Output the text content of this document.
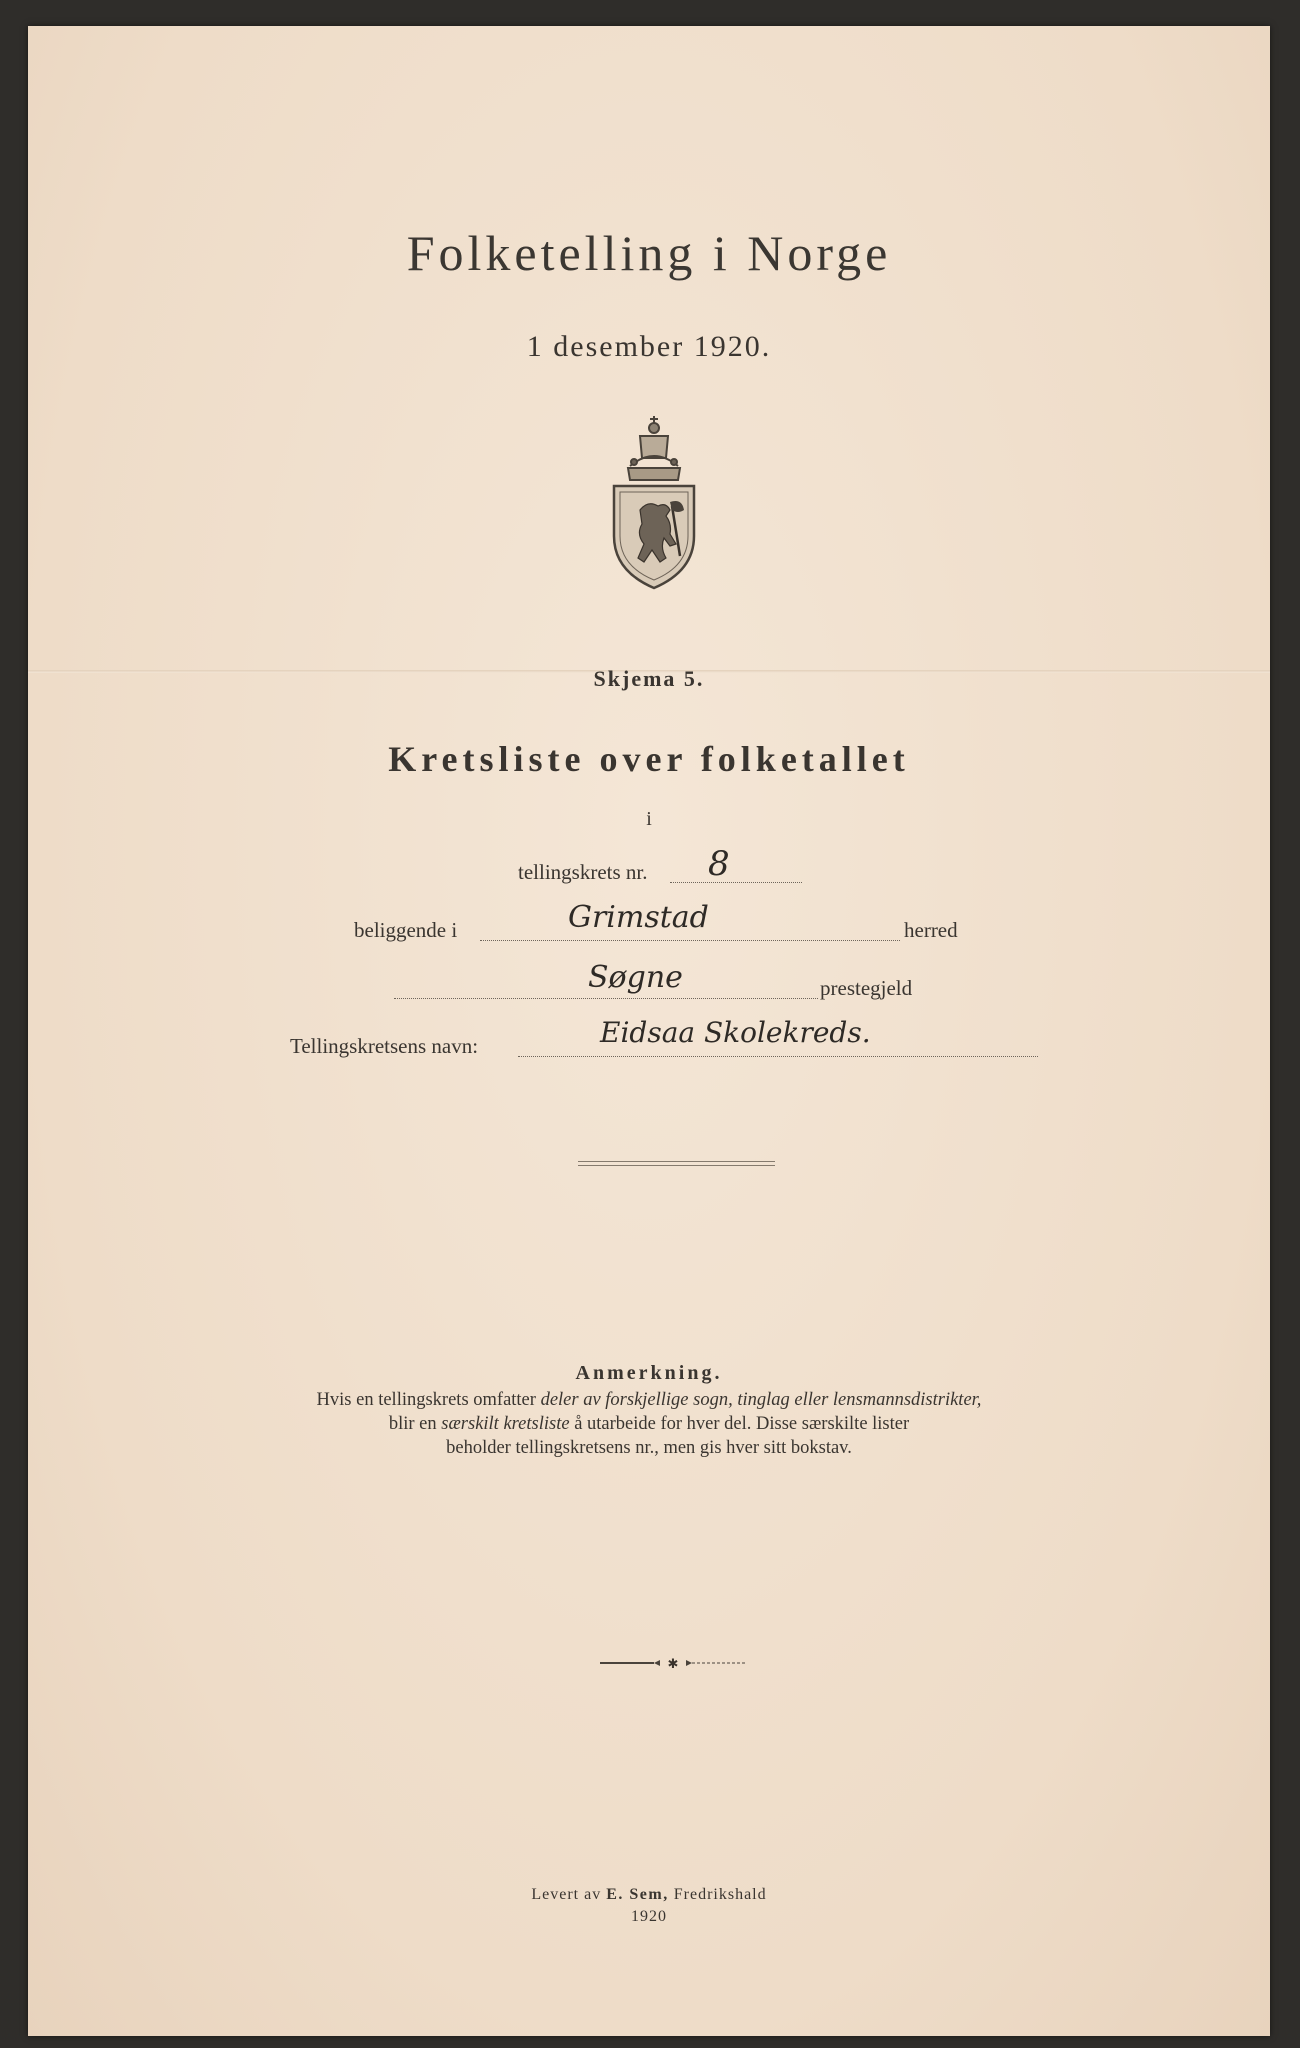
Folketelling i Norge
1 desember 1920.
Skjema 5.
Kretsliste over folketallet
i
tellingskrets nr. 8
beliggende i	Grimstad	herred
Søgne	prestegjeld
Tellingskretsens navn:	Eidsaa Skolekreds.
Anmerkning.
Hvis en tellingskrets omfatter deler av forskjellige sogn, tinglag eller lensmannsdistrikter,
blir en særskilt kretsliste å utarbeide for hver del. Disse særskilte lister
beholder tellingskretsens nr., men gis hver sitt bokstav.
✱
Levert av E. Sem, Fredrikshald
1920
